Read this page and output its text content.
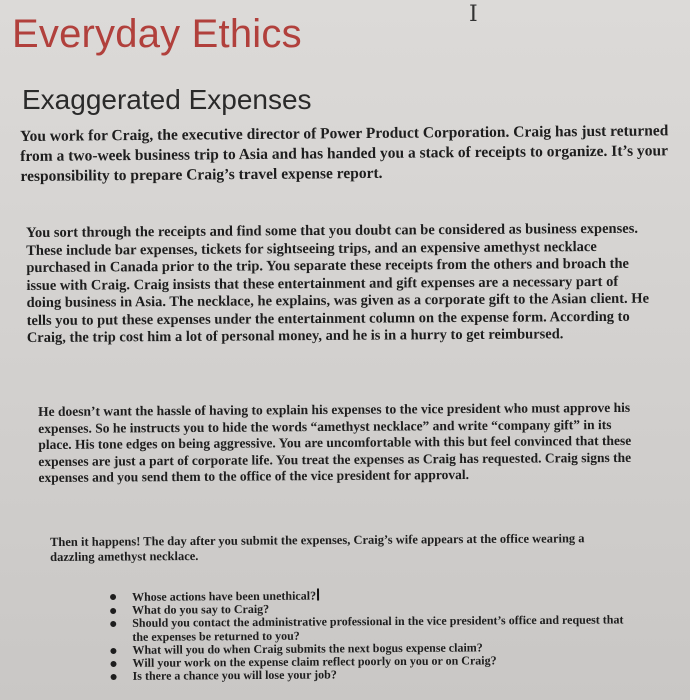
I
Everyday Ethics
Exaggerated Expenses

You work for Craig, the executive director of Power Product Corporation. Craig has just returned from a two-week business trip to Asia and has handed you a stack of receipts to organize. It’s your responsibility to prepare Craig’s travel expense report.

You sort through the receipts and find some that you doubt can be considered as business expenses. These include bar expenses, tickets for sightseeing trips, and an expensive amethyst necklace purchased in Canada prior to the trip. You separate these receipts from the others and broach the issue with Craig. Craig insists that these entertainment and gift expenses are a necessary part of doing business in Asia. The necklace, he explains, was given as a corporate gift to the Asian client. He tells you to put these expenses under the entertainment column on the expense form. According to Craig, the trip cost him a lot of personal money, and he is in a hurry to get reimbursed.

He doesn’t want the hassle of having to explain his expenses to the vice president who must approve his expenses. So he instructs you to hide the words “amethyst necklace” and write “company gift” in its place. His tone edges on being aggressive. You are uncomfortable with this but feel convinced that these expenses are just a part of corporate life. You treat the expenses as Craig has requested. Craig signs the expenses and you send them to the office of the vice president for approval.

Then it happens! The day after you submit the expenses, Craig’s wife appears at the office wearing a dazzling amethyst necklace.

Whose actions have been unethical?
What do you say to Craig?
Should you contact the administrative professional in the vice president’s office and request that the expenses be returned to you?
What will you do when Craig submits the next bogus expense claim?
Will your work on the expense claim reflect poorly on you or on Craig?
Is there a chance you will lose your job?
